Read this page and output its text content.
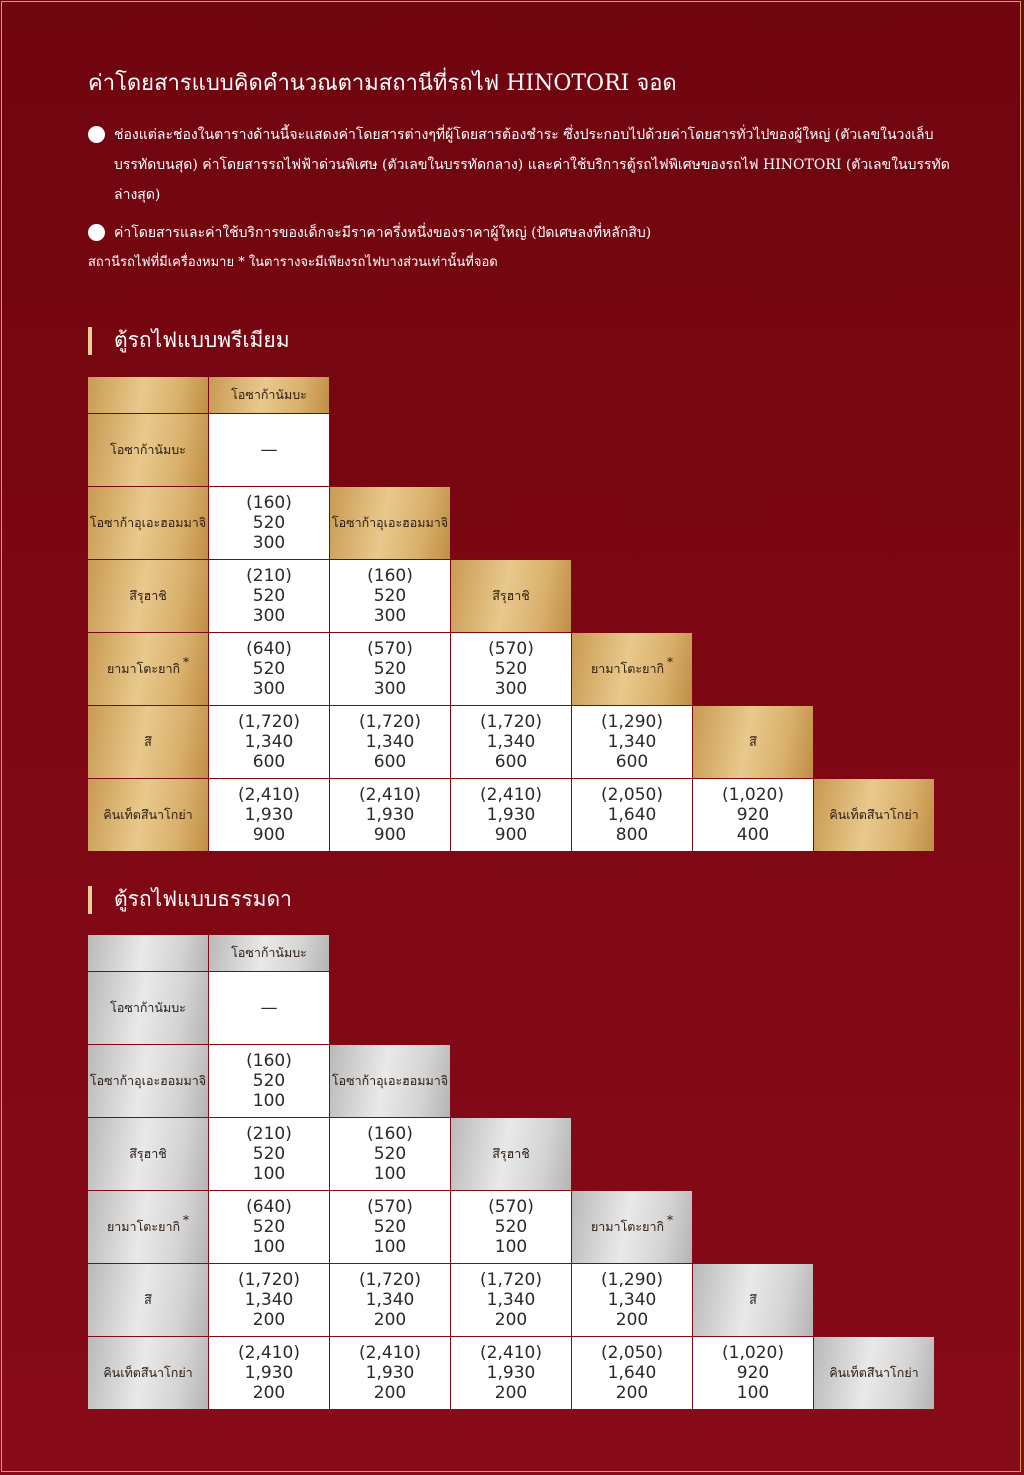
ค่าโดยสารแบบคิดคำนวณตามสถานีที่รถไฟ HINOTORI จอด
ช่องแต่ละช่องในตารางด้านนี้จะแสดงค่าโดยสารต่างๆที่ผู้โดยสารต้องชำระ ซึ่งประกอบไปด้วยค่าโดยสารทั่วไปของผู้ใหญ่ (ตัวเลขในวงเล็บบรรทัดบนสุด) ค่าโดยสารรถไฟฟ้าด่วนพิเศษ (ตัวเลขในบรรทัดกลาง) และค่าใช้บริการตู้รถไฟพิเศษของรถไฟ HINOTORI (ตัวเลขในบรรทัดล่างสุด)
ค่าโดยสารและค่าใช้บริการของเด็กจะมีราคาครึ่งหนึ่งของราคาผู้ใหญ่ (ปัดเศษลงที่หลักสิบ)
สถานีรถไฟที่มีเครื่องหมาย * ในตารางจะมีเพียงรถไฟบางส่วนเท่านั้นที่จอด
ตู้รถไฟแบบพรีเมียม
โอซาก้านัมบะ
โอซาก้านัมบะ	—
โอซาก้าอุเอะฮอมมาจิ
(160)
520
300
โอซาก้าอุเอะฮอมมาจิ
สึรุฮาชิ
(210)
520
300
(160)
520
300
สึรุฮาชิ
ยามาโตะยากิ *
(640)
520
300
(570)
520
300
(570)
520
300
ยามาโตะยากิ *
สึ
(1,720)
1,340
600
(1,720)
1,340
600
(1,720)
1,340
600
(1,290)
1,340
600
สึ
คินเท็ตสึนาโกย่า
(2,410)
1,930
900
(2,410)
1,930
900
(2,410)
1,930
900
(2,050)
1,640
800
(1,020)
920
400
คินเท็ตสึนาโกย่า
ตู้รถไฟแบบธรรมดา
โอซาก้านัมบะ
โอซาก้านัมบะ	—
โอซาก้าอุเอะฮอมมาจิ
(160)
520
100
โอซาก้าอุเอะฮอมมาจิ
สึรุฮาชิ
(210)
520
100
(160)
520
100
สึรุฮาชิ
ยามาโตะยากิ *
(640)
520
100
(570)
520
100
(570)
520
100
ยามาโตะยากิ *
สึ
(1,720)
1,340
200
(1,720)
1,340
200
(1,720)
1,340
200
(1,290)
1,340
200
สึ
คินเท็ตสึนาโกย่า
(2,410)
1,930
200
(2,410)
1,930
200
(2,410)
1,930
200
(2,050)
1,640
200
(1,020)
920
100
คินเท็ตสึนาโกย่า
